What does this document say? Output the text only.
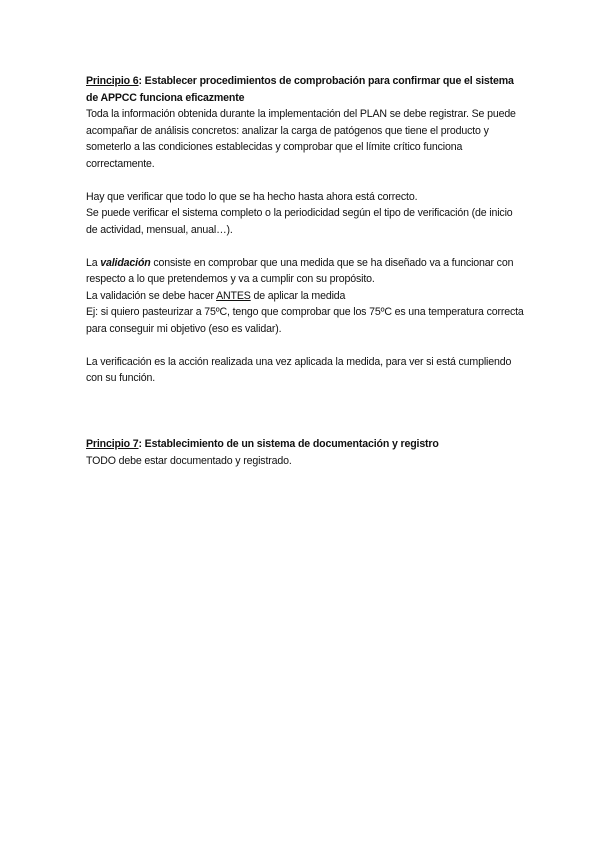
Principio 6: Establecer procedimientos de comprobación para confirmar que el sistema de APPCC funciona eficazmente

Toda la información obtenida durante la implementación del PLAN se debe registrar. Se puede acompañar de análisis concretos: analizar la carga de patógenos que tiene el producto y someterlo a las condiciones establecidas y comprobar que el límite crítico funciona correctamente.

Hay que verificar que todo lo que se ha hecho hasta ahora está correcto.

Se puede verificar el sistema completo o la periodicidad según el tipo de verificación (de inicio de actividad, mensual, anual…).

La validación consiste en comprobar que una medida que se ha diseñado va a funcionar con respecto a lo que pretendemos y va a cumplir con su propósito.

La validación se debe hacer ANTES de aplicar la medida

Ej: si quiero pasteurizar a 75ºC, tengo que comprobar que los 75ºC es una temperatura correcta para conseguir mi objetivo (eso es validar).

La verificación es la acción realizada una vez aplicada la medida, para ver si está cumpliendo con su función.

Principio 7: Establecimiento de un sistema de documentación y registro

TODO debe estar documentado y registrado.
